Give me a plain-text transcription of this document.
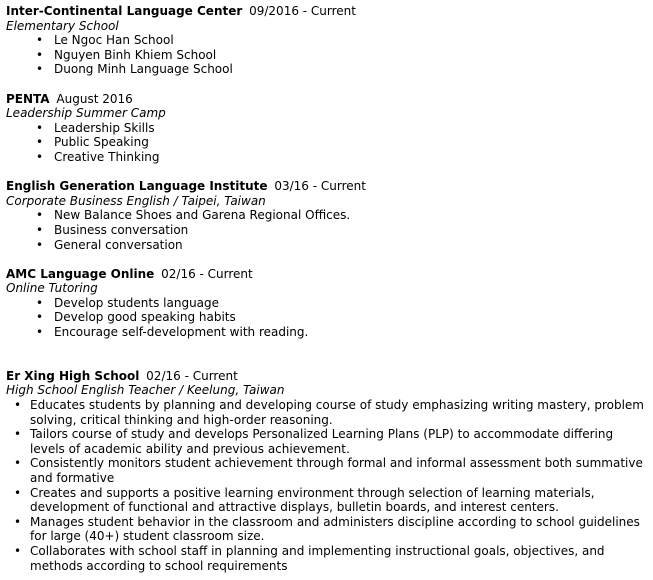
Inter-Continental Language Center 09/2016 - Current
Elementary School
• Le Ngoc Han School
• Nguyen Binh Khiem School
• Duong Minh Language School
PENTA August 2016
Leadership Summer Camp
• Leadership Skills
• Public Speaking
• Creative Thinking
English Generation Language Institute 03/16 - Current
Corporate Business English / Taipei, Taiwan
• New Balance Shoes and Garena Regional Offices.
• Business conversation
• General conversation
AMC Language Online 02/16 - Current
Online Tutoring
• Develop students language
• Develop good speaking habits
• Encourage self-development with reading.
Er Xing High School 02/16 - Current
High School English Teacher / Keelung, Taiwan
• Educates students by planning and developing course of study emphasizing writing mastery, problem solving, critical thinking and high-order reasoning.
• Tailors course of study and develops Personalized Learning Plans (PLP) to accommodate differing levels of academic ability and previous achievement.
• Consistently monitors student achievement through formal and informal assessment both summative and formative
• Creates and supports a positive learning environment through selection of learning materials, development of functional and attractive displays, bulletin boards, and interest centers.
• Manages student behavior in the classroom and administers discipline according to school guidelines for large (40+) student classroom size.
• Collaborates with school staff in planning and implementing instructional goals, objectives, and methods according to school requirements
